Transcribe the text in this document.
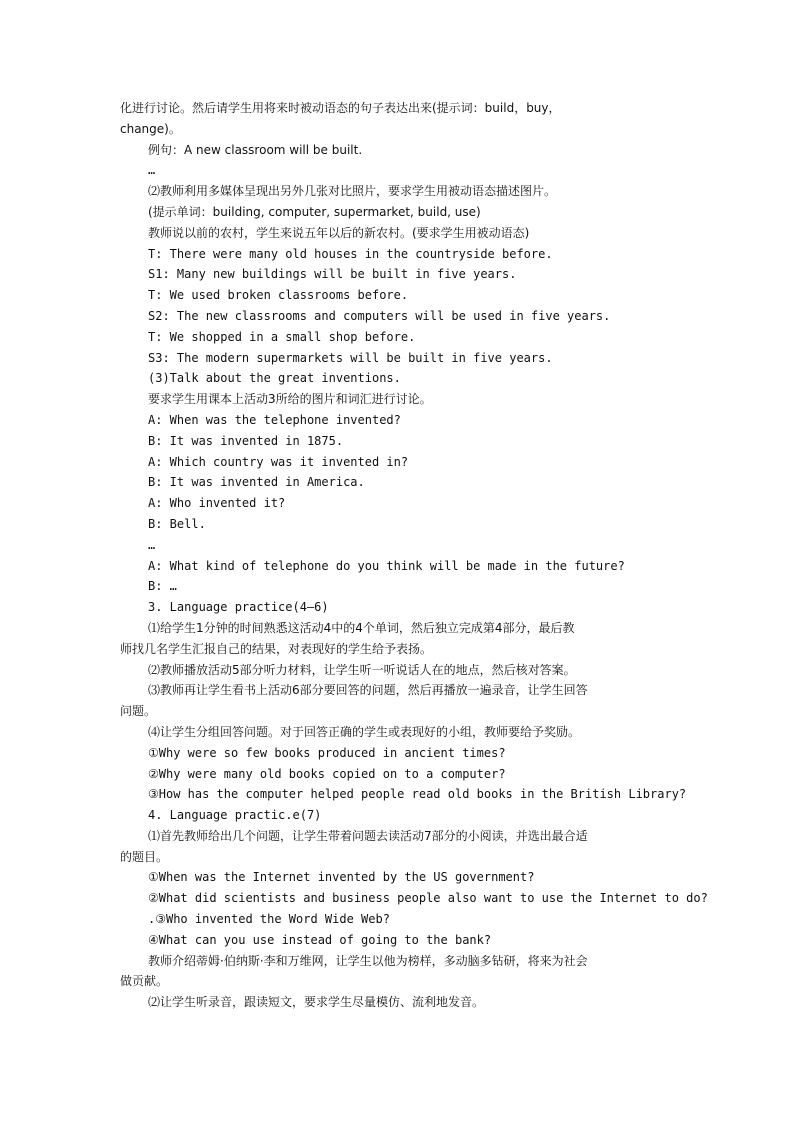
化进行讨论。然后请学生用将来时被动语态的句子表达出来(提示词：build，buy，
change)。
例句：A new classroom will be built.
…
⑵教师利用多媒体呈现出另外几张对比照片，要求学生用被动语态描述图片。
(提示单词：building, computer, supermarket, build, use)
教师说以前的农村，学生来说五年以后的新农村。(要求学生用被动语态)
T: There were many old houses in the countryside before.
S1: Many new buildings will be built in five years.
T: We used broken classrooms before.
S2: The new classrooms and computers will be used in five years.
T: We shopped in a small shop before.
S3: The modern supermarkets will be built in five years.
(3)Talk about the great inventions.
要求学生用课本上活动3所给的图片和词汇进行讨论。
A: When was the telephone invented?
B: It was invented in 1875.
A: Which country was it invented in?
B: It was invented in America.
A: Who invented it?
B: Bell.
…
A: What kind of telephone do you think will be made in the future?
B: …
3. Language practice(4—6)
⑴给学生1分钟的时间熟悉这活动4中的4个单词，然后独立完成第4部分，最后教
师找几名学生汇报自己的结果，对表现好的学生给予表扬。
⑵教师播放活动5部分听力材料，让学生听一听说话人在的地点，然后核对答案。
⑶教师再让学生看书上活动6部分要回答的问题，然后再播放一遍录音，让学生回答
问题。
⑷让学生分组回答问题。对于回答正确的学生或表现好的小组，教师要给予奖励。
①Why were so few books produced in ancient times?
②Why were many old books copied on to a computer?
③How has the computer helped people read old books in the British Library?
4. Language practic.e(7)
⑴首先教师给出几个问题，让学生带着问题去读活动7部分的小阅读，并选出最合适
的题目。
①When was the Internet invented by the US government?
②What did scientists and business people also want to use the Internet to do?
.③Who invented the Word Wide Web?
④What can you use instead of going to the bank?
教师介绍蒂姆·伯纳斯·李和万维网，让学生以他为榜样，多动脑多钻研，将来为社会
做贡献。
⑵让学生听录音，跟读短文，要求学生尽量模仿、流利地发音。
